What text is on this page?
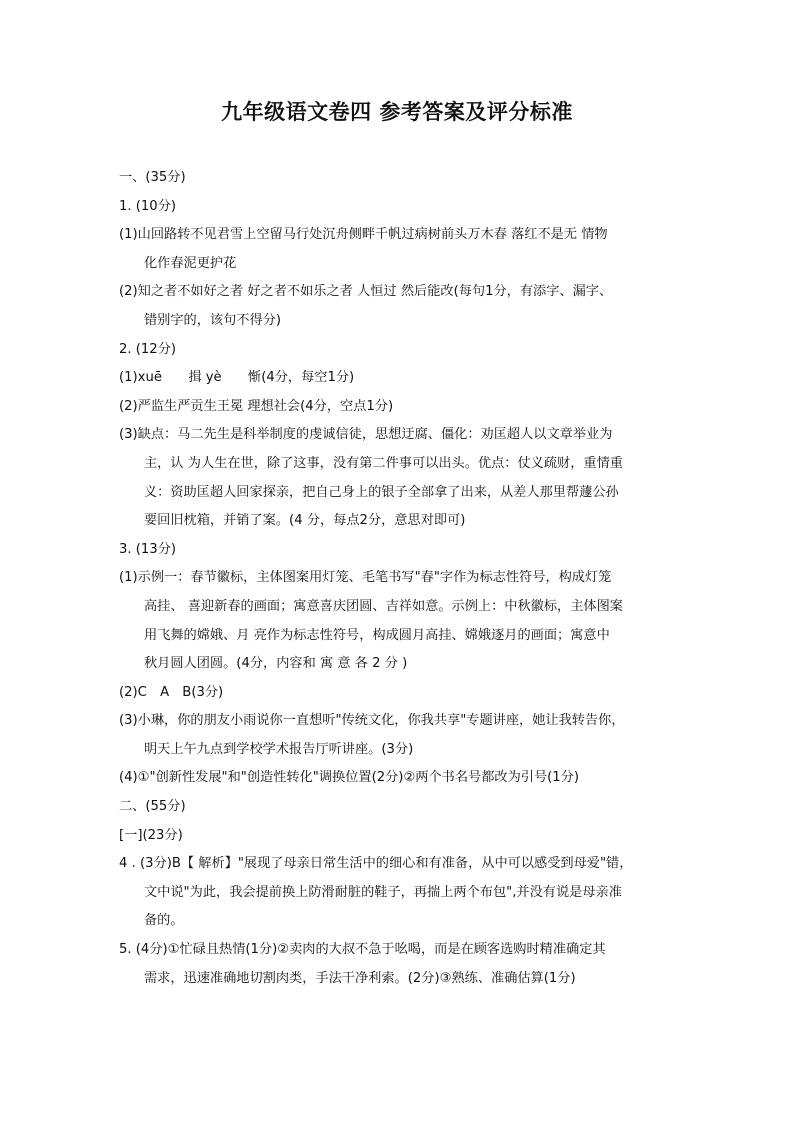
九年级语文卷四 参考答案及评分标准
一、(35分)
1. (10分)
(1)山回路转不见君雪上空留马行处沉舟侧畔千帆过病树前头万木春 落红不是无 情物
化作春泥更护花
(2)知之者不如好之者 好之者不如乐之者 人恒过 然后能改(每句1分，有添字、漏字、
错别字的，该句不得分)
2. (12分)
(1)xuē　　揖 yè　　惭(4分，每空1分)
(2)严监生严贡生王冕 理想社会(4分，空点1分)
(3)缺点：马二先生是科举制度的虔诚信徒，思想迂腐、僵化：劝匡超人以文章举业为
主，认 为人生在世，除了这事，没有第二件事可以出头。优点：仗义疏财，重情重
义：资助匡超人回家探亲，把自己身上的银子全部拿了出来，从差人那里帮蘧公孙
要回旧枕箱，并销了案。(4 分，每点2分，意思对即可)
3. (13分)
(1)示例一：春节徽标，主体图案用灯笼、毛笔书写"春"字作为标志性符号，构成灯笼
高挂、 喜迎新春的画面；寓意喜庆团圆、吉祥如意。示例上：中秋徽标，主体图案
用飞舞的嫦娥、月 亮作为标志性符号，构成圆月高挂、嫦娥逐月的画面；寓意中
秋月圆人团圆。(4分，内容和 寓 意 各 2 分 )
(2)C　A　B(3分)
(3)小琳，你的朋友小雨说你一直想听"传统文化，你我共享"专题讲座，她让我转告你，
明天上午九点到学校学术报告厅听讲座。(3分)
(4)①"创新性发展"和"创造性转化"调换位置(2分)②两个书名号都改为引号(1分)
二、(55分)
[一](23分)
4 . (3分)B【 解析】"展现了母亲日常生活中的细心和有准备，从中可以感受到母爱"错，
文中说"为此，我会提前换上防滑耐脏的鞋子，再揣上两个布包",并没有说是母亲准
备的。
5. (4分)①忙碌且热情(1分)②卖肉的大叔不急于吆喝，而是在顾客选购时精准确定其
需求，迅速准确地切割肉类，手法干净利索。(2分)③熟练、准确估算(1分)
